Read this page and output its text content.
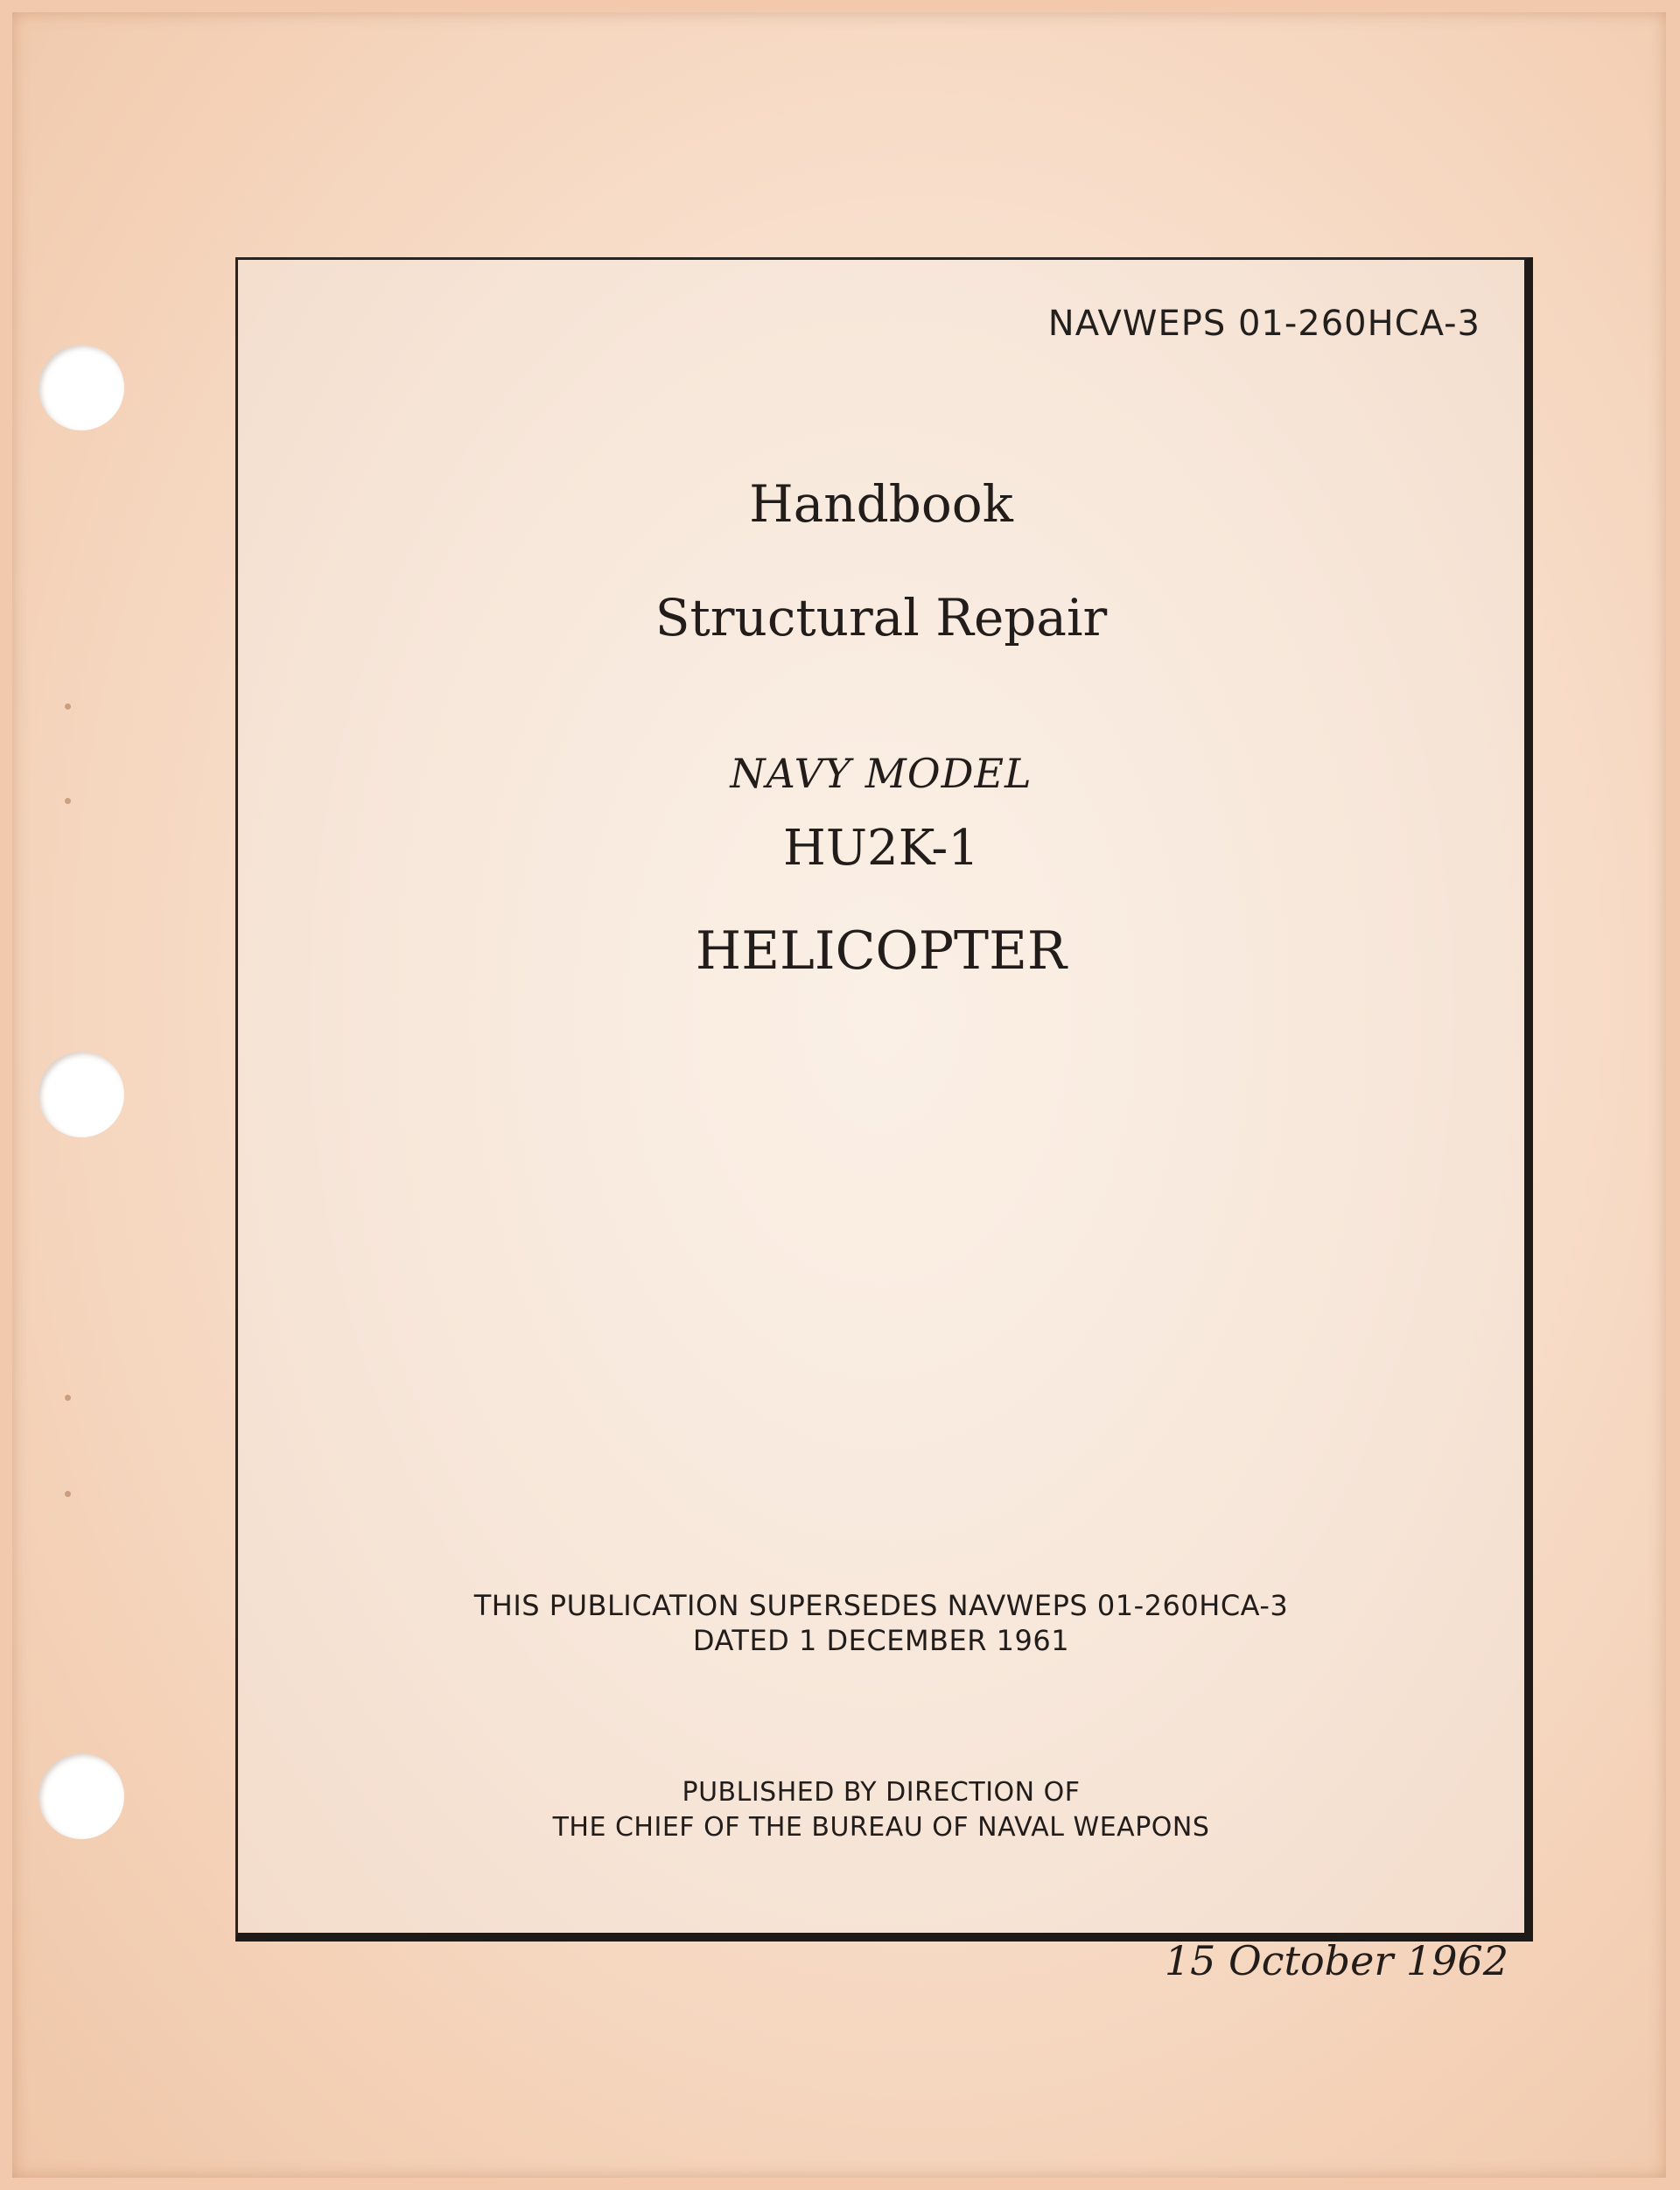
NAVWEPS 01-260HCA-3
Handbook
Structural Repair
NAVY MODEL
HU2K-1
HELICOPTER
THIS PUBLICATION SUPERSEDES NAVWEPS 01-260HCA-3
DATED 1 DECEMBER 1961
PUBLISHED BY DIRECTION OF
THE CHIEF OF THE BUREAU OF NAVAL WEAPONS
15 October 1962
